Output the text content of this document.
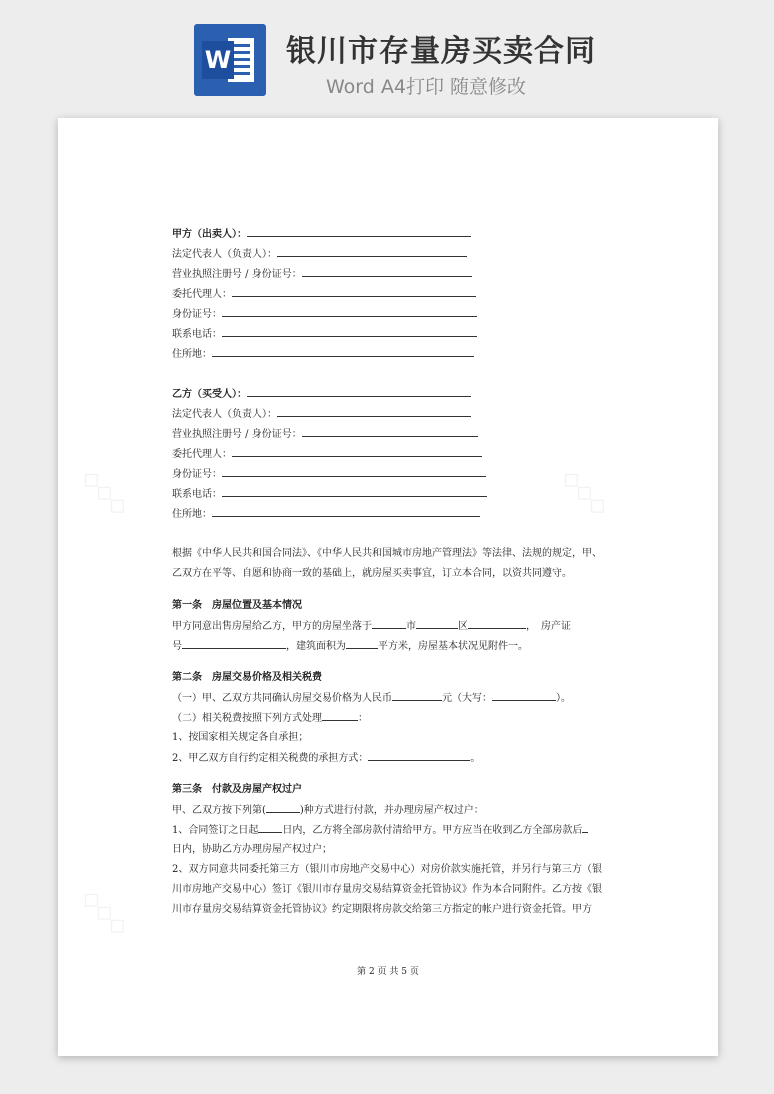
W 银川市存量房买卖合同
Word A4打印 随意修改
◇◇◇	◇◇◇
◇◇◇
甲方（出卖人）：
法定代表人（负责人）：
营业执照注册号 / 身份证号：
委托代理人：
身份证号：
联系电话：
住所地：
乙方（买受人）：
法定代表人（负责人）：
营业执照注册号 / 身份证号：
委托代理人：
身份证号：
联系电话：
住所地：
根据《中华人民共和国合同法》、《中华人民共和国城市房地产管理法》等法律、法规的规定，甲、乙双方在平等、自愿和协商一致的基础上，就房屋买卖事宜，订立本合同，以资共同遵守。
第一条　房屋位置及基本情况
甲方同意出售房屋给乙方，甲方的房屋坐落于	市	区	，　房产证
号	，建筑面积为	平方米，房屋基本状况见附件一。
第二条　房屋交易价格及相关税费
（一）甲、乙双方共同确认房屋交易价格为人民币	元（大写：	）。
（二）相关税费按照下列方式处理	：
1、按国家相关规定各自承担；
2、甲乙双方自行约定相关税费的承担方式：	。
第三条　付款及房屋产权过户
甲、乙双方按下列第(	)种方式进行付款，并办理房屋产权过户：
1、合同签订之日起 日内，乙方将全部房款付清给甲方。甲方应当在收到乙方全部房款后
日内，协助乙方办理房屋产权过户；
2、双方同意共同委托第三方（银川市房地产交易中心）对房价款实施托管，并另行与第三方（银川市房地产交易中心）签订《银川市存量房交易结算资金托管协议》作为本合同附件。乙方按《银川市存量房交易结算资金托管协议》约定期限将房款交给第三方指定的帐户进行资金托管。甲方
第 2 页 共 5 页
